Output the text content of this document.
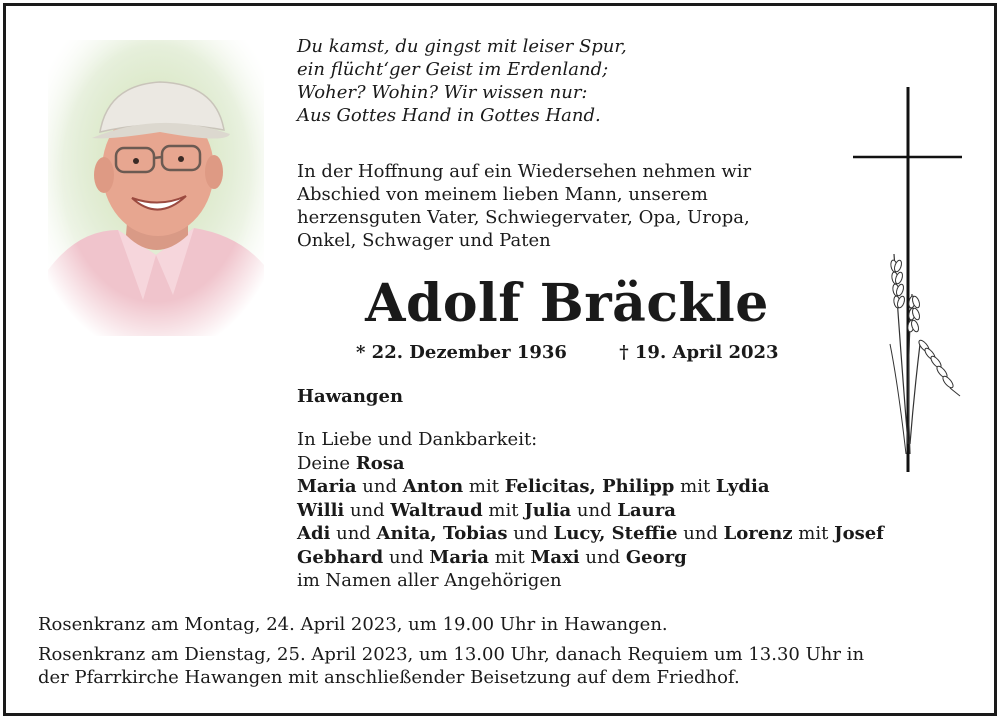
Du kamst, du gingst mit leiser Spur,
ein flücht‘ger Geist im Erdenland;
Woher? Wohin? Wir wissen nur:
Aus Gottes Hand in Gottes Hand.
In der Hoffnung auf ein Wiedersehen nehmen wir
Abschied von meinem lieben Mann, unserem
herzensguten Vater, Schwiegervater, Opa, Uropa,
Onkel, Schwager und Paten
Adolf Bräckle
* 22. Dezember 1936	† 19. April 2023
Hawangen
In Liebe und Dankbarkeit:
Deine Rosa
Maria und Anton mit Felicitas, Philipp mit Lydia
Willi und Waltraud mit Julia und Laura
Adi und Anita, Tobias und Lucy, Steffie und Lorenz mit Josef
Gebhard und Maria mit Maxi und Georg
im Namen aller Angehörigen
Rosenkranz am Montag, 24. April 2023, um 19.00 Uhr in Hawangen.
Rosenkranz am Dienstag, 25. April 2023, um 13.00 Uhr, danach Requiem um 13.30 Uhr in
der Pfarrkirche Hawangen mit anschließender Beisetzung auf dem Friedhof.
